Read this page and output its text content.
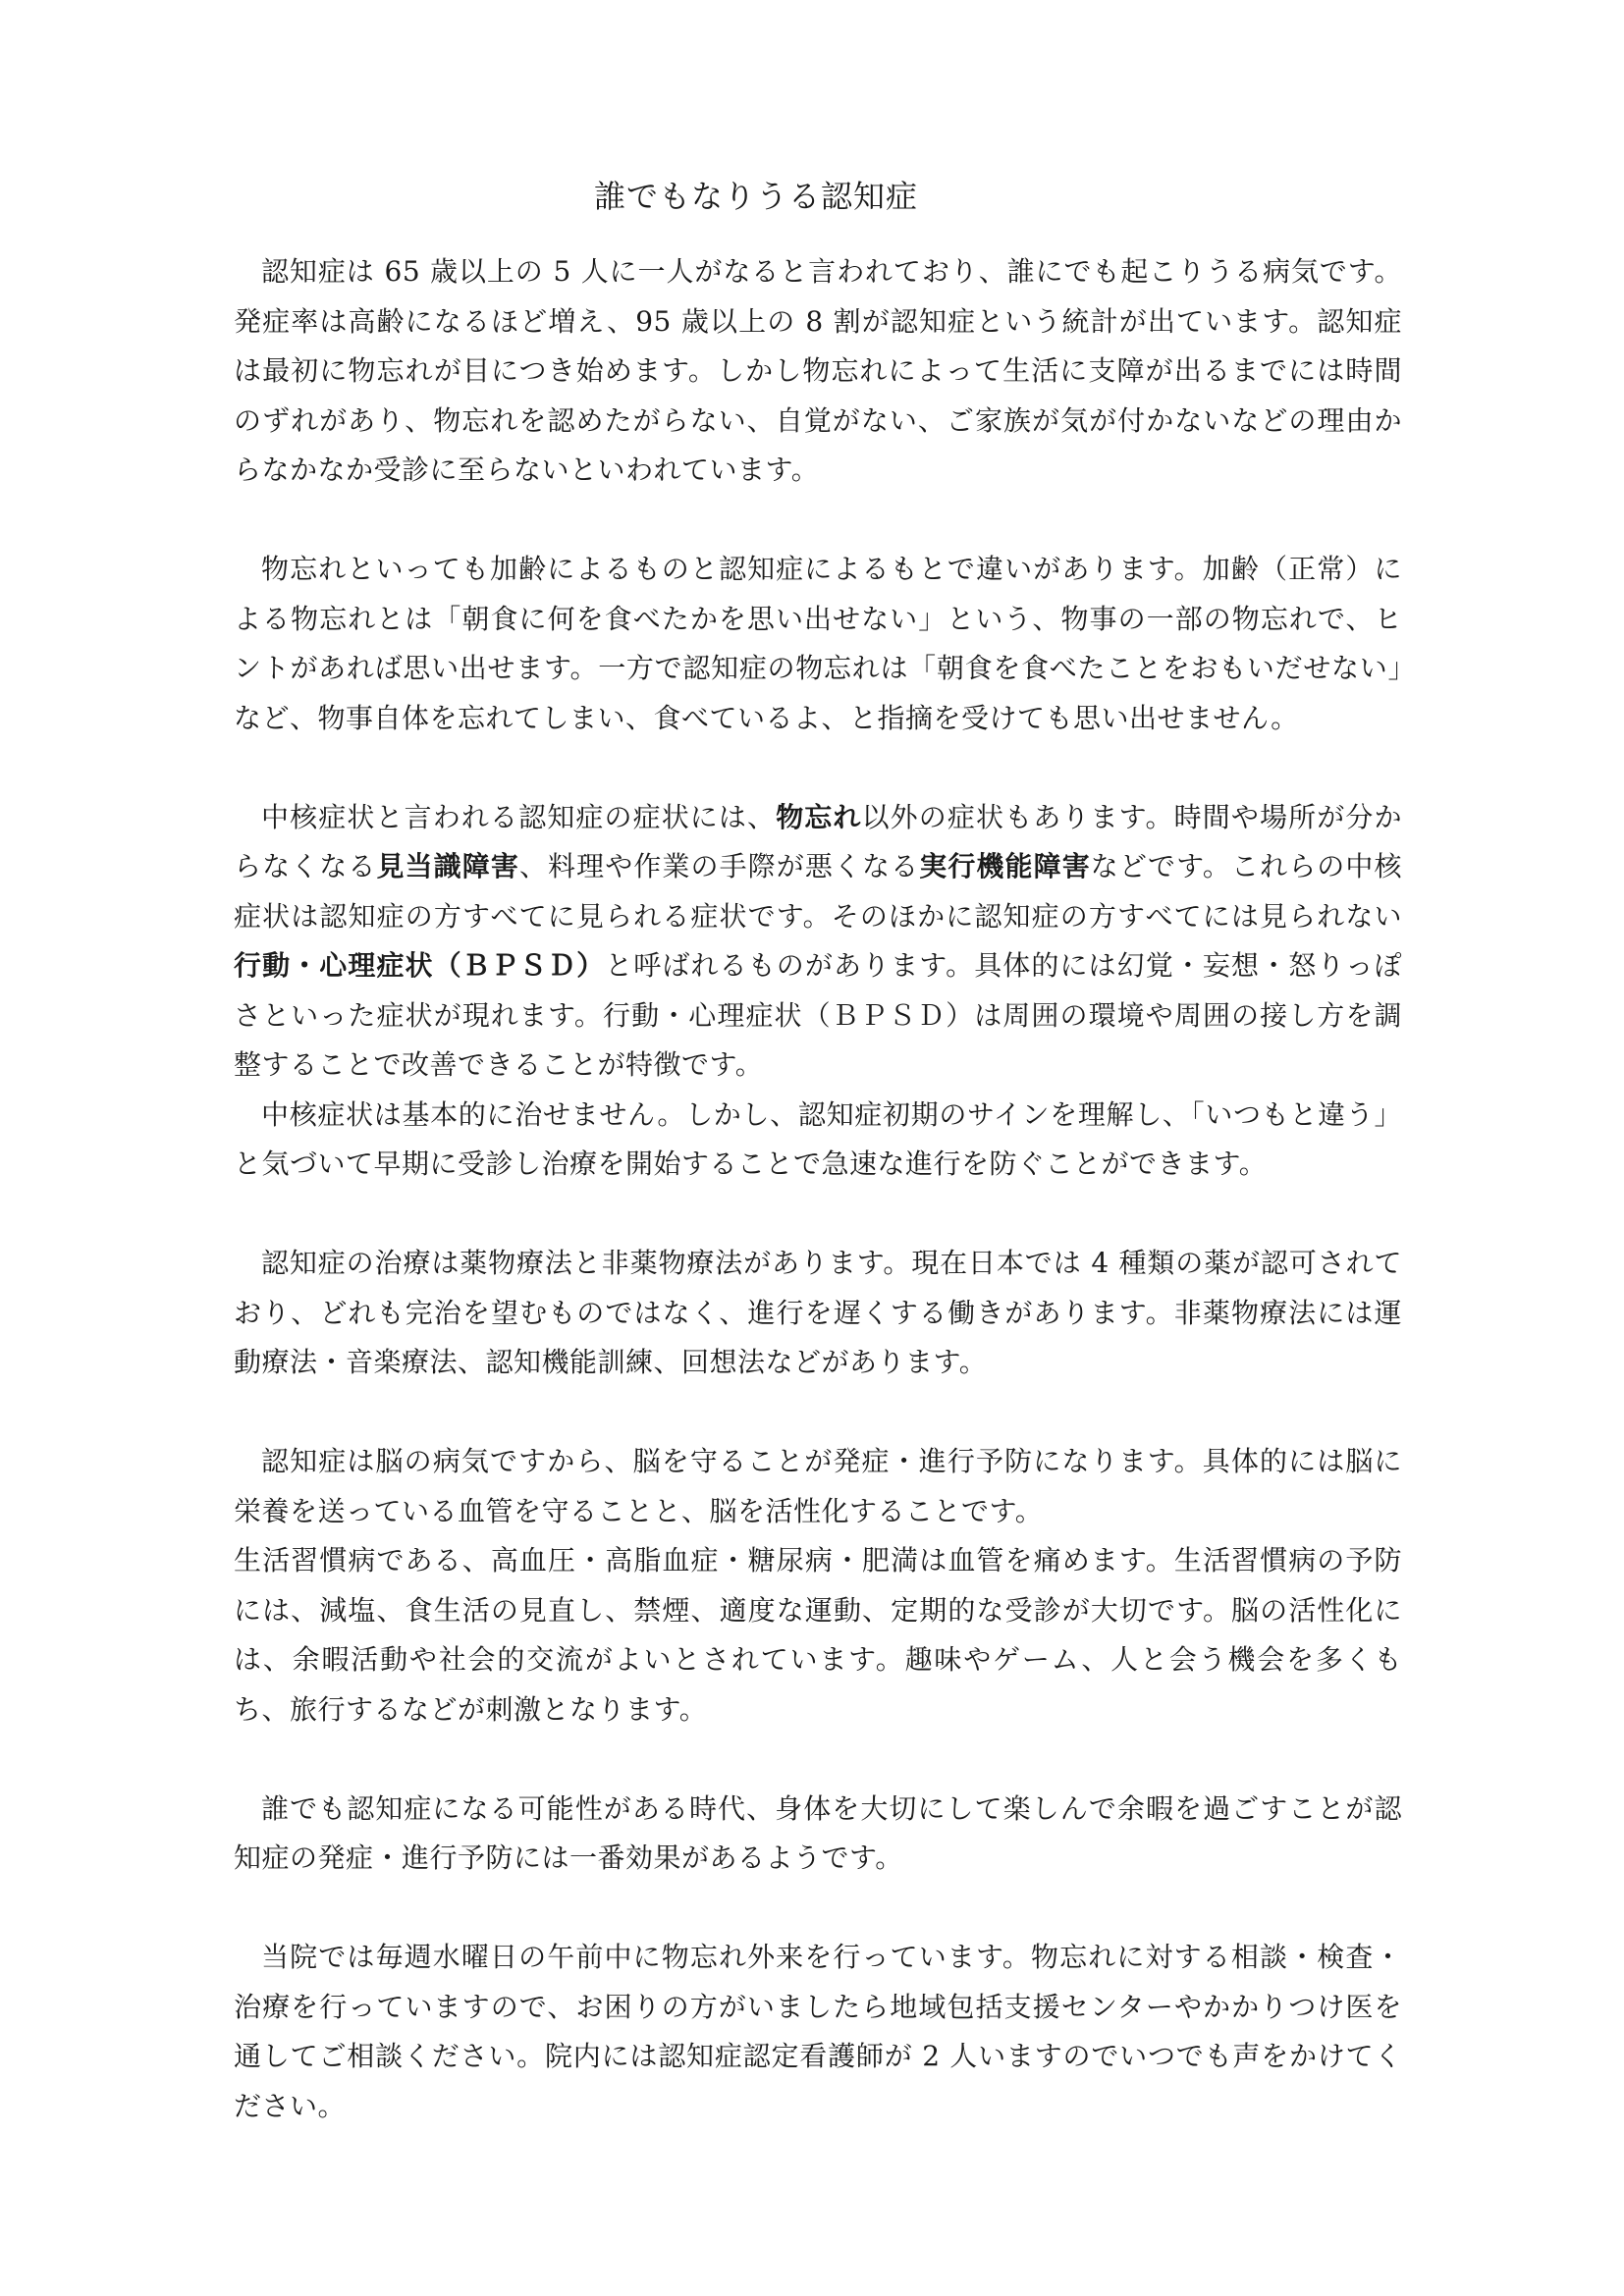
誰でもなりうる認知症

認知症は 65 歳以上の 5 人に一人がなると言われており、誰にでも起こりうる病気です。発症率は高齢になるほど増え、95 歳以上の 8 割が認知症という統計が出ています。認知症は最初に物忘れが目につき始めます。しかし物忘れによって生活に支障が出るまでには時間のずれがあり、物忘れを認めたがらない、自覚がない、ご家族が気が付かないなどの理由からなかなか受診に至らないといわれています。

物忘れといっても加齢によるものと認知症によるもとで違いがあります。加齢（正常）による物忘れとは「朝食に何を食べたかを思い出せない」という、物事の一部の物忘れで、ヒントがあれば思い出せます。一方で認知症の物忘れは「朝食を食べたことをおもいだせない」など、物事自体を忘れてしまい、食べているよ、と指摘を受けても思い出せません。

中核症状と言われる認知症の症状には、物忘れ以外の症状もあります。時間や場所が分からなくなる見当識障害、料理や作業の手際が悪くなる実行機能障害などです。これらの中核症状は認知症の方すべてに見られる症状です。そのほかに認知症の方すべてには見られない行動・心理症状（ＢＰＳＤ）と呼ばれるものがあります。具体的には幻覚・妄想・怒りっぽさといった症状が現れます。行動・心理症状（ＢＰＳＤ）は周囲の環境や周囲の接し方を調整することで改善できることが特徴です。

中核症状は基本的に治せません。しかし、認知症初期のサインを理解し、「いつもと違う」と気づいて早期に受診し治療を開始することで急速な進行を防ぐことができます。

認知症の治療は薬物療法と非薬物療法があります。現在日本では 4 種類の薬が認可されており、どれも完治を望むものではなく、進行を遅くする働きがあります。非薬物療法には運動療法・音楽療法、認知機能訓練、回想法などがあります。

認知症は脳の病気ですから、脳を守ることが発症・進行予防になります。具体的には脳に栄養を送っている血管を守ることと、脳を活性化することです。

生活習慣病である、高血圧・高脂血症・糖尿病・肥満は血管を痛めます。生活習慣病の予防には、減塩、食生活の見直し、禁煙、適度な運動、定期的な受診が大切です。脳の活性化には、余暇活動や社会的交流がよいとされています。趣味やゲーム、人と会う機会を多くもち、旅行するなどが刺激となります。

誰でも認知症になる可能性がある時代、身体を大切にして楽しんで余暇を過ごすことが認知症の発症・進行予防には一番効果があるようです。

当院では毎週水曜日の午前中に物忘れ外来を行っています。物忘れに対する相談・検査・治療を行っていますので、お困りの方がいましたら地域包括支援センターやかかりつけ医を通してご相談ください。院内には認知症認定看護師が 2 人いますのでいつでも声をかけてください。
